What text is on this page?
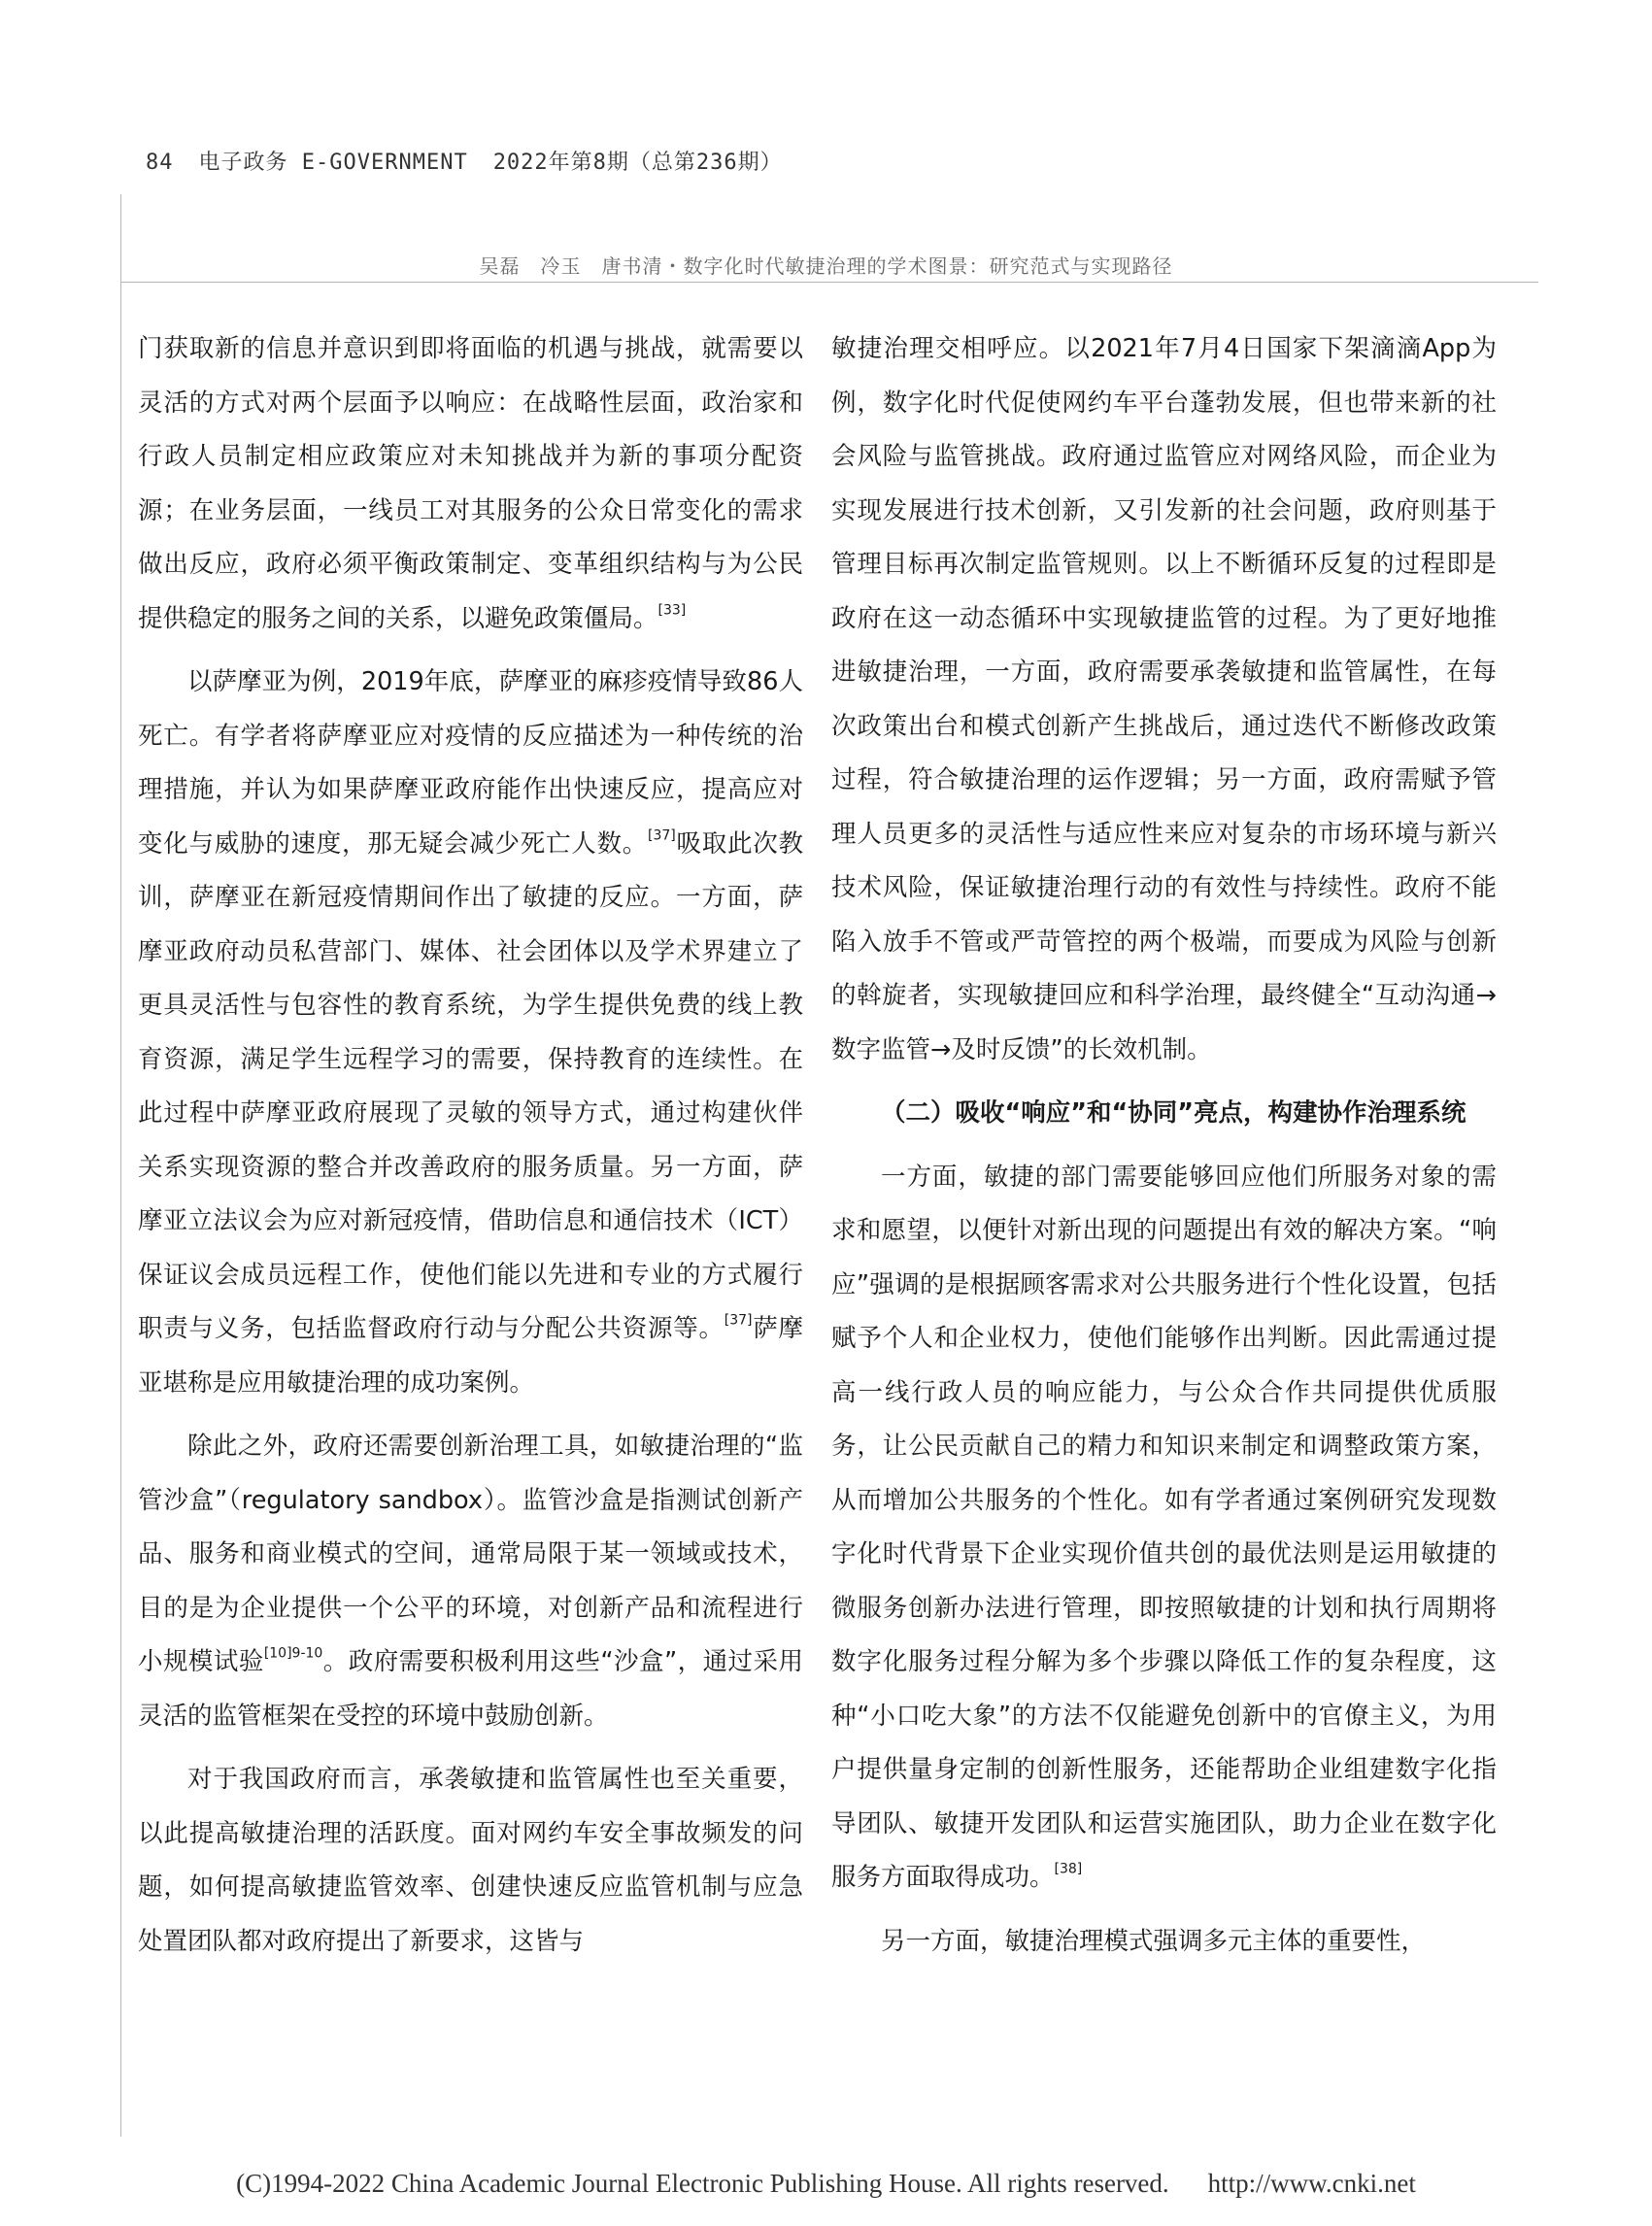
84 电子政务 E-GOVERNMENT 2022年第8期（总第236期）
吴磊　冷玉　唐书清・数字化时代敏捷治理的学术图景：研究范式与实现路径

门获取新的信息并意识到即将面临的机遇与挑战，就需要以灵活的方式对两个层面予以响应：在战略性层面，政治家和行政人员制定相应政策应对未知挑战并为新的事项分配资源；在业务层面，一线员工对其服务的公众日常变化的需求做出反应，政府必须平衡政策制定、变革组织结构与为公民提供稳定的服务之间的关系，以避免政策僵局。[33]

以萨摩亚为例，2019年底，萨摩亚的麻疹疫情导致86人死亡。有学者将萨摩亚应对疫情的反应描述为一种传统的治理措施，并认为如果萨摩亚政府能作出快速反应，提高应对变化与威胁的速度，那无疑会减少死亡人数。[37]吸取此次教训，萨摩亚在新冠疫情期间作出了敏捷的反应。一方面，萨摩亚政府动员私营部门、媒体、社会团体以及学术界建立了更具灵活性与包容性的教育系统，为学生提供免费的线上教育资源，满足学生远程学习的需要，保持教育的连续性。在此过程中萨摩亚政府展现了灵敏的领导方式，通过构建伙伴关系实现资源的整合并改善政府的服务质量。另一方面，萨摩亚立法议会为应对新冠疫情，借助信息和通信技术（ICT）保证议会成员远程工作，使他们能以先进和专业的方式履行职责与义务，包括监督政府行动与分配公共资源等。[37]萨摩亚堪称是应用敏捷治理的成功案例。

除此之外，政府还需要创新治理工具，如敏捷治理的“监管沙盒”（regulatory sandbox）。监管沙盒是指测试创新产品、服务和商业模式的空间，通常局限于某一领域或技术，目的是为企业提供一个公平的环境，对创新产品和流程进行小规模试验$^{[10]9-10}$。政府需要积极利用这些“沙盒”，通过采用灵活的监管框架在受控的环境中鼓励创新。

对于我国政府而言，承袭敏捷和监管属性也至关重要，以此提高敏捷治理的活跃度。面对网约车安全事故频发的问题，如何提高敏捷监管效率、创建快速反应监管机制与应急处置团队都对政府提出了新要求，这皆与

敏捷治理交相呼应。以2021年7月4日国家下架滴滴App为例，数字化时代促使网约车平台蓬勃发展，但也带来新的社会风险与监管挑战。政府通过监管应对网络风险，而企业为实现发展进行技术创新，又引发新的社会问题，政府则基于管理目标再次制定监管规则。以上不断循环反复的过程即是政府在这一动态循环中实现敏捷监管的过程。为了更好地推进敏捷治理，一方面，政府需要承袭敏捷和监管属性，在每次政策出台和模式创新产生挑战后，通过迭代不断修改政策过程，符合敏捷治理的运作逻辑；另一方面，政府需赋予管理人员更多的灵活性与适应性来应对复杂的市场环境与新兴技术风险，保证敏捷治理行动的有效性与持续性。政府不能陷入放手不管或严苛管控的两个极端，而要成为风险与创新的斡旋者，实现敏捷回应和科学治理，最终健全“互动沟通→数字监管→及时反馈”的长效机制。

（二）吸收“响应”和“协同”亮点，构建协作治理系统

一方面，敏捷的部门需要能够回应他们所服务对象的需求和愿望，以便针对新出现的问题提出有效的解决方案。“响应”强调的是根据顾客需求对公共服务进行个性化设置，包括赋予个人和企业权力，使他们能够作出判断。因此需通过提高一线行政人员的响应能力，与公众合作共同提供优质服务，让公民贡献自己的精力和知识来制定和调整政策方案，从而增加公共服务的个性化。如有学者通过案例研究发现数字化时代背景下企业实现价值共创的最优法则是运用敏捷的微服务创新办法进行管理，即按照敏捷的计划和执行周期将数字化服务过程分解为多个步骤以降低工作的复杂程度，这种“小口吃大象”的方法不仅能避免创新中的官僚主义，为用户提供量身定制的创新性服务，还能帮助企业组建数字化指导团队、敏捷开发团队和运营实施团队，助力企业在数字化服务方面取得成功。[38]

另一方面，敏捷治理模式强调多元主体的重要性，

(C)1994-2022 China Academic Journal Electronic Publishing House. All rights reserved. http://www.cnki.net
